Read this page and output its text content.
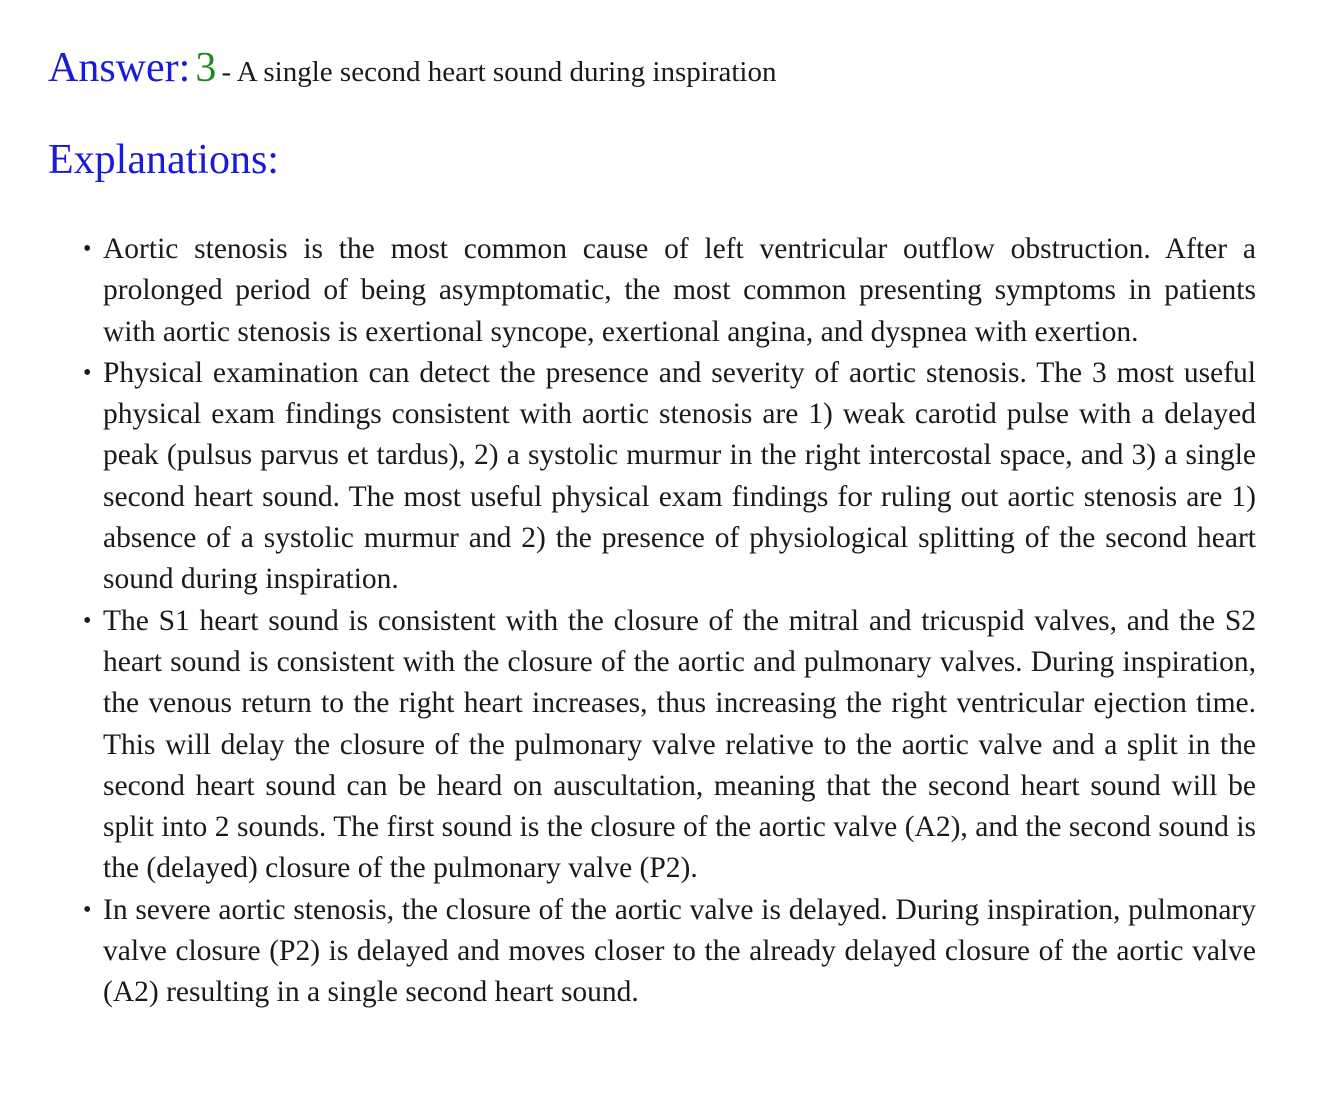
Answer: 3 - A single second heart sound during inspiration
Explanations:
• Aortic stenosis is the most common cause of left ventricular outflow obstruction. After a prolonged period of being asymptomatic, the most common presenting symptoms in patients with aortic stenosis is exertional syncope, exertional angina, and dyspnea with exertion.
• Physical examination can detect the presence and severity of aortic stenosis. The 3 most useful physical exam findings consistent with aortic stenosis are 1) weak carotid pulse with a delayed peak (pulsus parvus et tardus), 2) a systolic murmur in the right intercostal space, and 3) a single second heart sound. The most useful physical exam findings for ruling out aortic stenosis are 1) absence of a systolic murmur and 2) the presence of physiological splitting of the second heart sound during inspiration.
• The S1 heart sound is consistent with the closure of the mitral and tricuspid valves, and the S2 heart sound is consistent with the closure of the aortic and pulmonary valves. During inspiration, the venous return to the right heart increases, thus increasing the right ventricular ejection time. This will delay the closure of the pulmonary valve relative to the aortic valve and a split in the second heart sound can be heard on auscultation, meaning that the second heart sound will be split into 2 sounds. The first sound is the closure of the aortic valve (A2), and the second sound is the (delayed) closure of the pulmonary valve (P2).
• In severe aortic stenosis, the closure of the aortic valve is delayed. During inspiration, pulmonary valve closure (P2) is delayed and moves closer to the already delayed closure of the aortic valve (A2) resulting in a single second heart sound.
